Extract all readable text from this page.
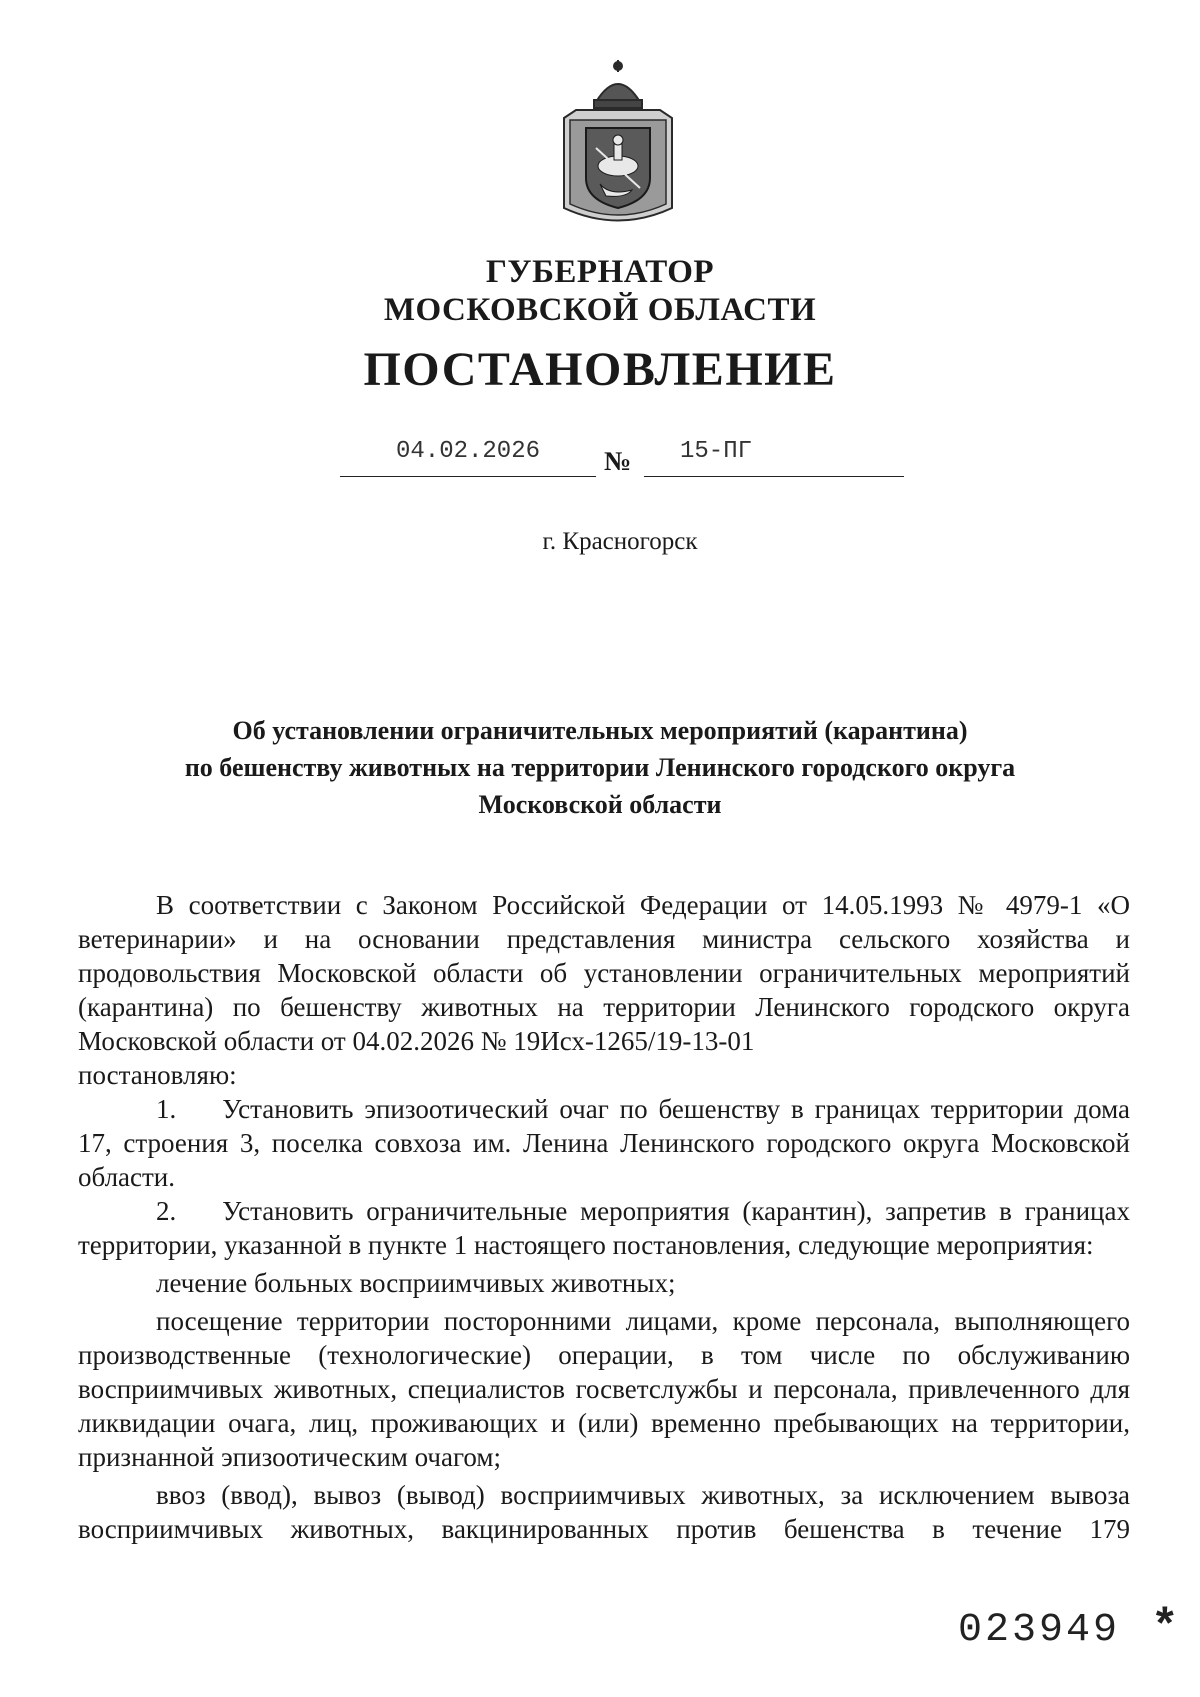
ГУБЕРНАТОР
МОСКОВСКОЙ ОБЛАСТИ
ПОСТАНОВЛЕНИЕ
04.02.2026	№	15-ПГ
г. Красногорск
Об установлении ограничительных мероприятий (карантина)
по бешенству животных на территории Ленинского городского округа
Московской области

В соответствии с Законом Российской Федерации от 14.05.1993 № 4979-1 «О ветеринарии» и на основании представления министра сельского хозяйства и продовольствия Московской области об установлении ограничительных мероприятий (карантина) по бешенству животных на территории Ленинского городского округа Московской области от 04.02.2026 № 19Исх-1265/19-13-01

постановляю:

1. Установить эпизоотический очаг по бешенству в границах территории дома 17, строения 3, поселка совхоза им. Ленина Ленинского городского округа Московской области.

2. Установить ограничительные мероприятия (карантин), запретив в границах территории, указанной в пункте 1 настоящего постановления, следующие мероприятия:

лечение больных восприимчивых животных;

посещение территории посторонними лицами, кроме персонала, выполняющего производственные (технологические) операции, в том числе по обслуживанию восприимчивых животных, специалистов госветслужбы и персонала, привлеченного для ликвидации очага, лиц, проживающих и (или) временно пребывающих на территории, признанной эпизоотическим очагом;

ввоз (ввод), вывоз (вывод) восприимчивых животных, за исключением вывоза восприимчивых животных, вакцинированных против бешенства в течение 179

023949 *
